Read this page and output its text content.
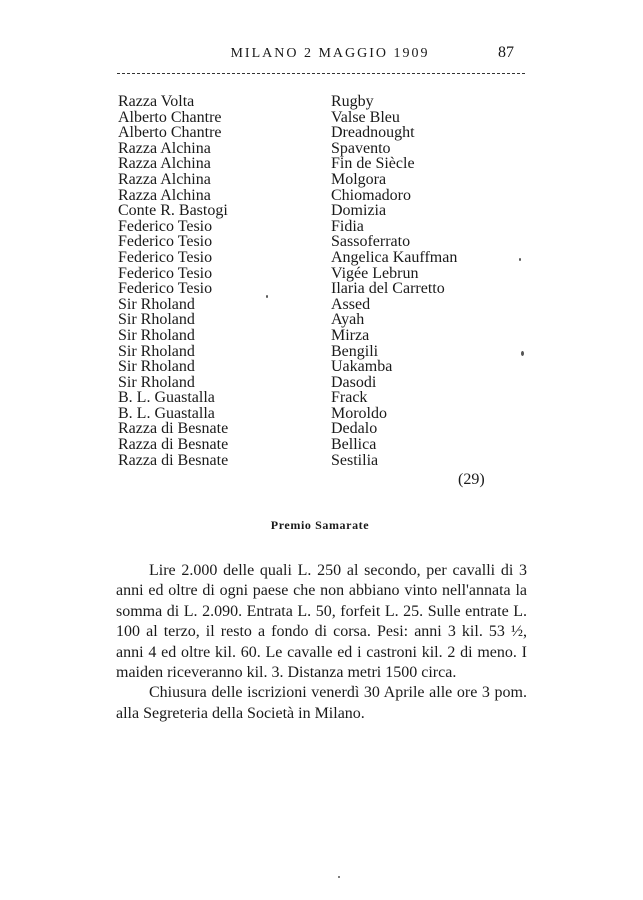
MILANO 2 MAGGIO 1909	87
Razza Volta	Rugby
Alberto Chantre	Valse Bleu
Alberto Chantre	Dreadnought
Razza Alchina	Spavento
Razza Alchina	Fin de Siècle
Razza Alchina	Molgora
Razza Alchina	Chiomadoro
Conte R. Bastogi	Domizia
Federico Tesio	Fidia
Federico Tesio	Sassoferrato
Federico Tesio	Angelica Kauffman
Federico Tesio	Vigée Lebrun
Federico Tesio	Ilaria del Carretto
Sir Rholand	Assed
Sir Rholand	Ayah
Sir Rholand	Mirza
Sir Rholand	Bengili
Sir Rholand	Uakamba
Sir Rholand	Dasodi
B. L. Guastalla	Frack
B. L. Guastalla	Moroldo
Razza di Besnate	Dedalo
Razza di Besnate	Bellica
Razza di Besnate	Sestilia
(29)
Premio Samarate

Lire 2.000 delle quali L. 250 al secondo, per cavalli di 3 anni ed oltre di ogni paese che non abbiano vinto nell'annata la somma di L. 2.090. Entrata L. 50, forfeit L. 25. Sulle entrate L. 100 al terzo, il resto a fondo di corsa. Pesi: anni 3 kil. 53 ½, anni 4 ed oltre kil. 60. Le cavalle ed i castroni kil. 2 di meno. I maiden riceveranno kil. 3. Distanza metri 1500 circa.

Chiusura delle iscrizioni venerdì 30 Aprile alle ore 3 pom. alla Segreteria della Società in Milano.
